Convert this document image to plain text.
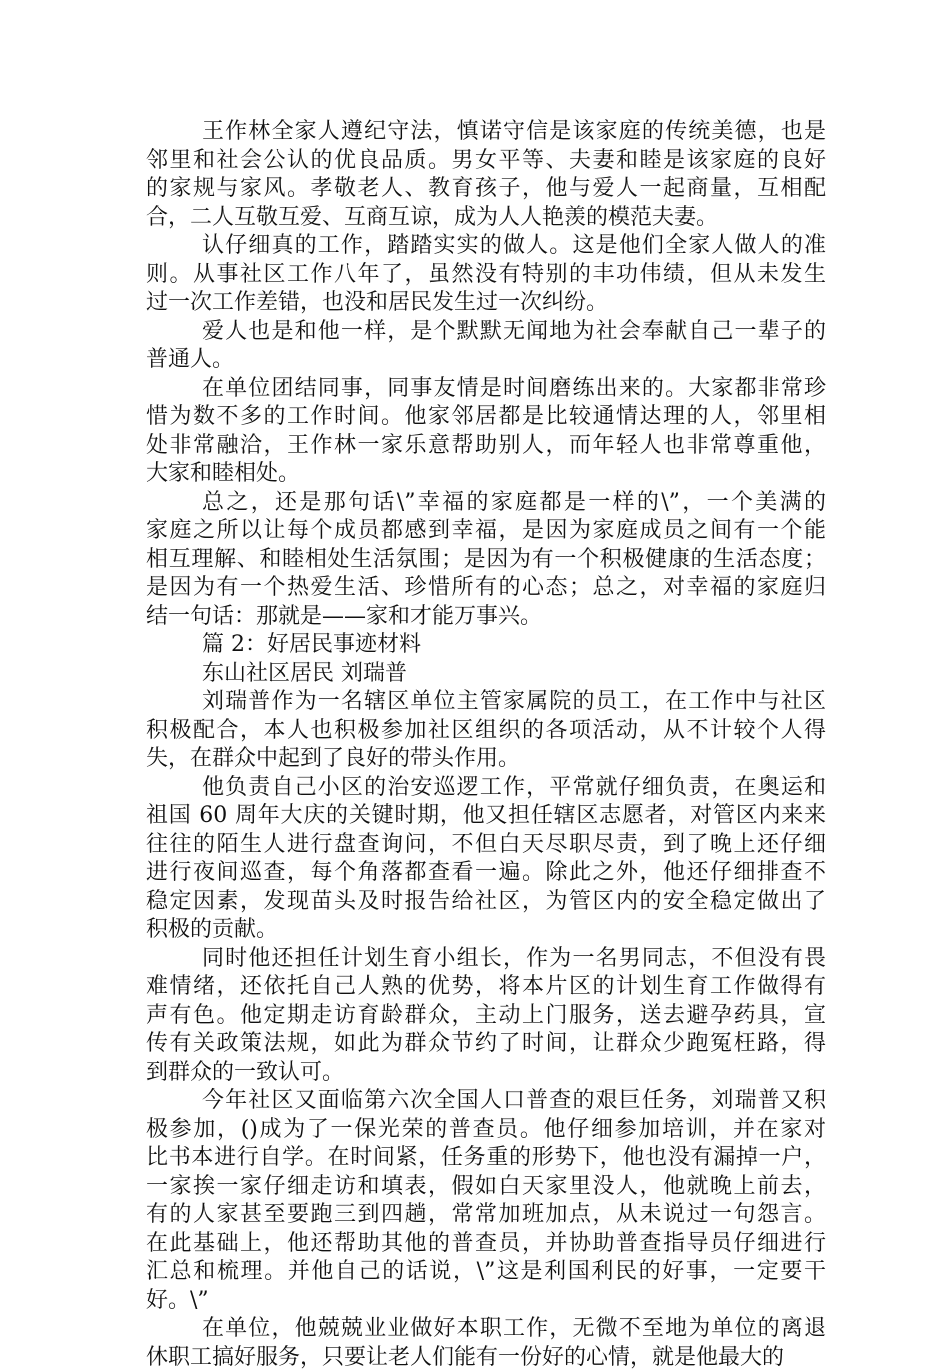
王作林全家人遵纪守法，慎诺守信是该家庭的传统美德，也是
邻里和社会公认的优良品质。男女平等、夫妻和睦是该家庭的良好
的家规与家风。孝敬老人、教育孩子，他与爱人一起商量，互相配
合，二人互敬互爱、互商互谅，成为人人艳羡的模范夫妻。
认仔细真的工作，踏踏实实的做人。这是他们全家人做人的准
则。从事社区工作八年了，虽然没有特别的丰功伟绩，但从未发生
过一次工作差错，也没和居民发生过一次纠纷。
爱人也是和他一样，是个默默无闻地为社会奉献自己一辈子的
普通人。
在单位团结同事，同事友情是时间磨练出来的。大家都非常珍
惜为数不多的工作时间。他家邻居都是比较通情达理的人，邻里相
处非常融洽，王作林一家乐意帮助别人，而年轻人也非常尊重他，
大家和睦相处。
总之，还是那句话\”幸福的家庭都是一样的\”，一个美满的
家庭之所以让每个成员都感到幸福，是因为家庭成员之间有一个能
相互理解、和睦相处生活氛围；是因为有一个积极健康的生活态度；
是因为有一个热爱生活、珍惜所有的心态；总之，对幸福的家庭归
结一句话：那就是——家和才能万事兴。
篇 2：好居民事迹材料
东山社区居民 刘瑞普
刘瑞普作为一名辖区单位主管家属院的员工，在工作中与社区
积极配合，本人也积极参加社区组织的各项活动，从不计较个人得
失，在群众中起到了良好的带头作用。
他负责自己小区的治安巡逻工作，平常就仔细负责，在奥运和
祖国 60 周年大庆的关键时期，他又担任辖区志愿者，对管区内来来
往往的陌生人进行盘查询问，不但白天尽职尽责，到了晚上还仔细
进行夜间巡查，每个角落都查看一遍。除此之外，他还仔细排查不
稳定因素，发现苗头及时报告给社区，为管区内的安全稳定做出了
积极的贡献。
同时他还担任计划生育小组长，作为一名男同志，不但没有畏
难情绪，还依托自己人熟的优势，将本片区的计划生育工作做得有
声有色。他定期走访育龄群众，主动上门服务，送去避孕药具，宣
传有关政策法规，如此为群众节约了时间，让群众少跑冤枉路，得
到群众的一致认可。
今年社区又面临第六次全国人口普查的艰巨任务，刘瑞普又积
极参加，()成为了一保光荣的普查员。他仔细参加培训，并在家对
比书本进行自学。在时间紧，任务重的形势下，他也没有漏掉一户，
一家挨一家仔细走访和填表，假如白天家里没人，他就晚上前去，
有的人家甚至要跑三到四趟，常常加班加点，从未说过一句怨言。
在此基础上，他还帮助其他的普查员，并协助普查指导员仔细进行
汇总和梳理。并他自己的话说，\”这是利国利民的好事，一定要干
好。\”
在单位，他兢兢业业做好本职工作，无微不至地为单位的离退
休职工搞好服务，只要让老人们能有一份好的心情，就是他最大的
